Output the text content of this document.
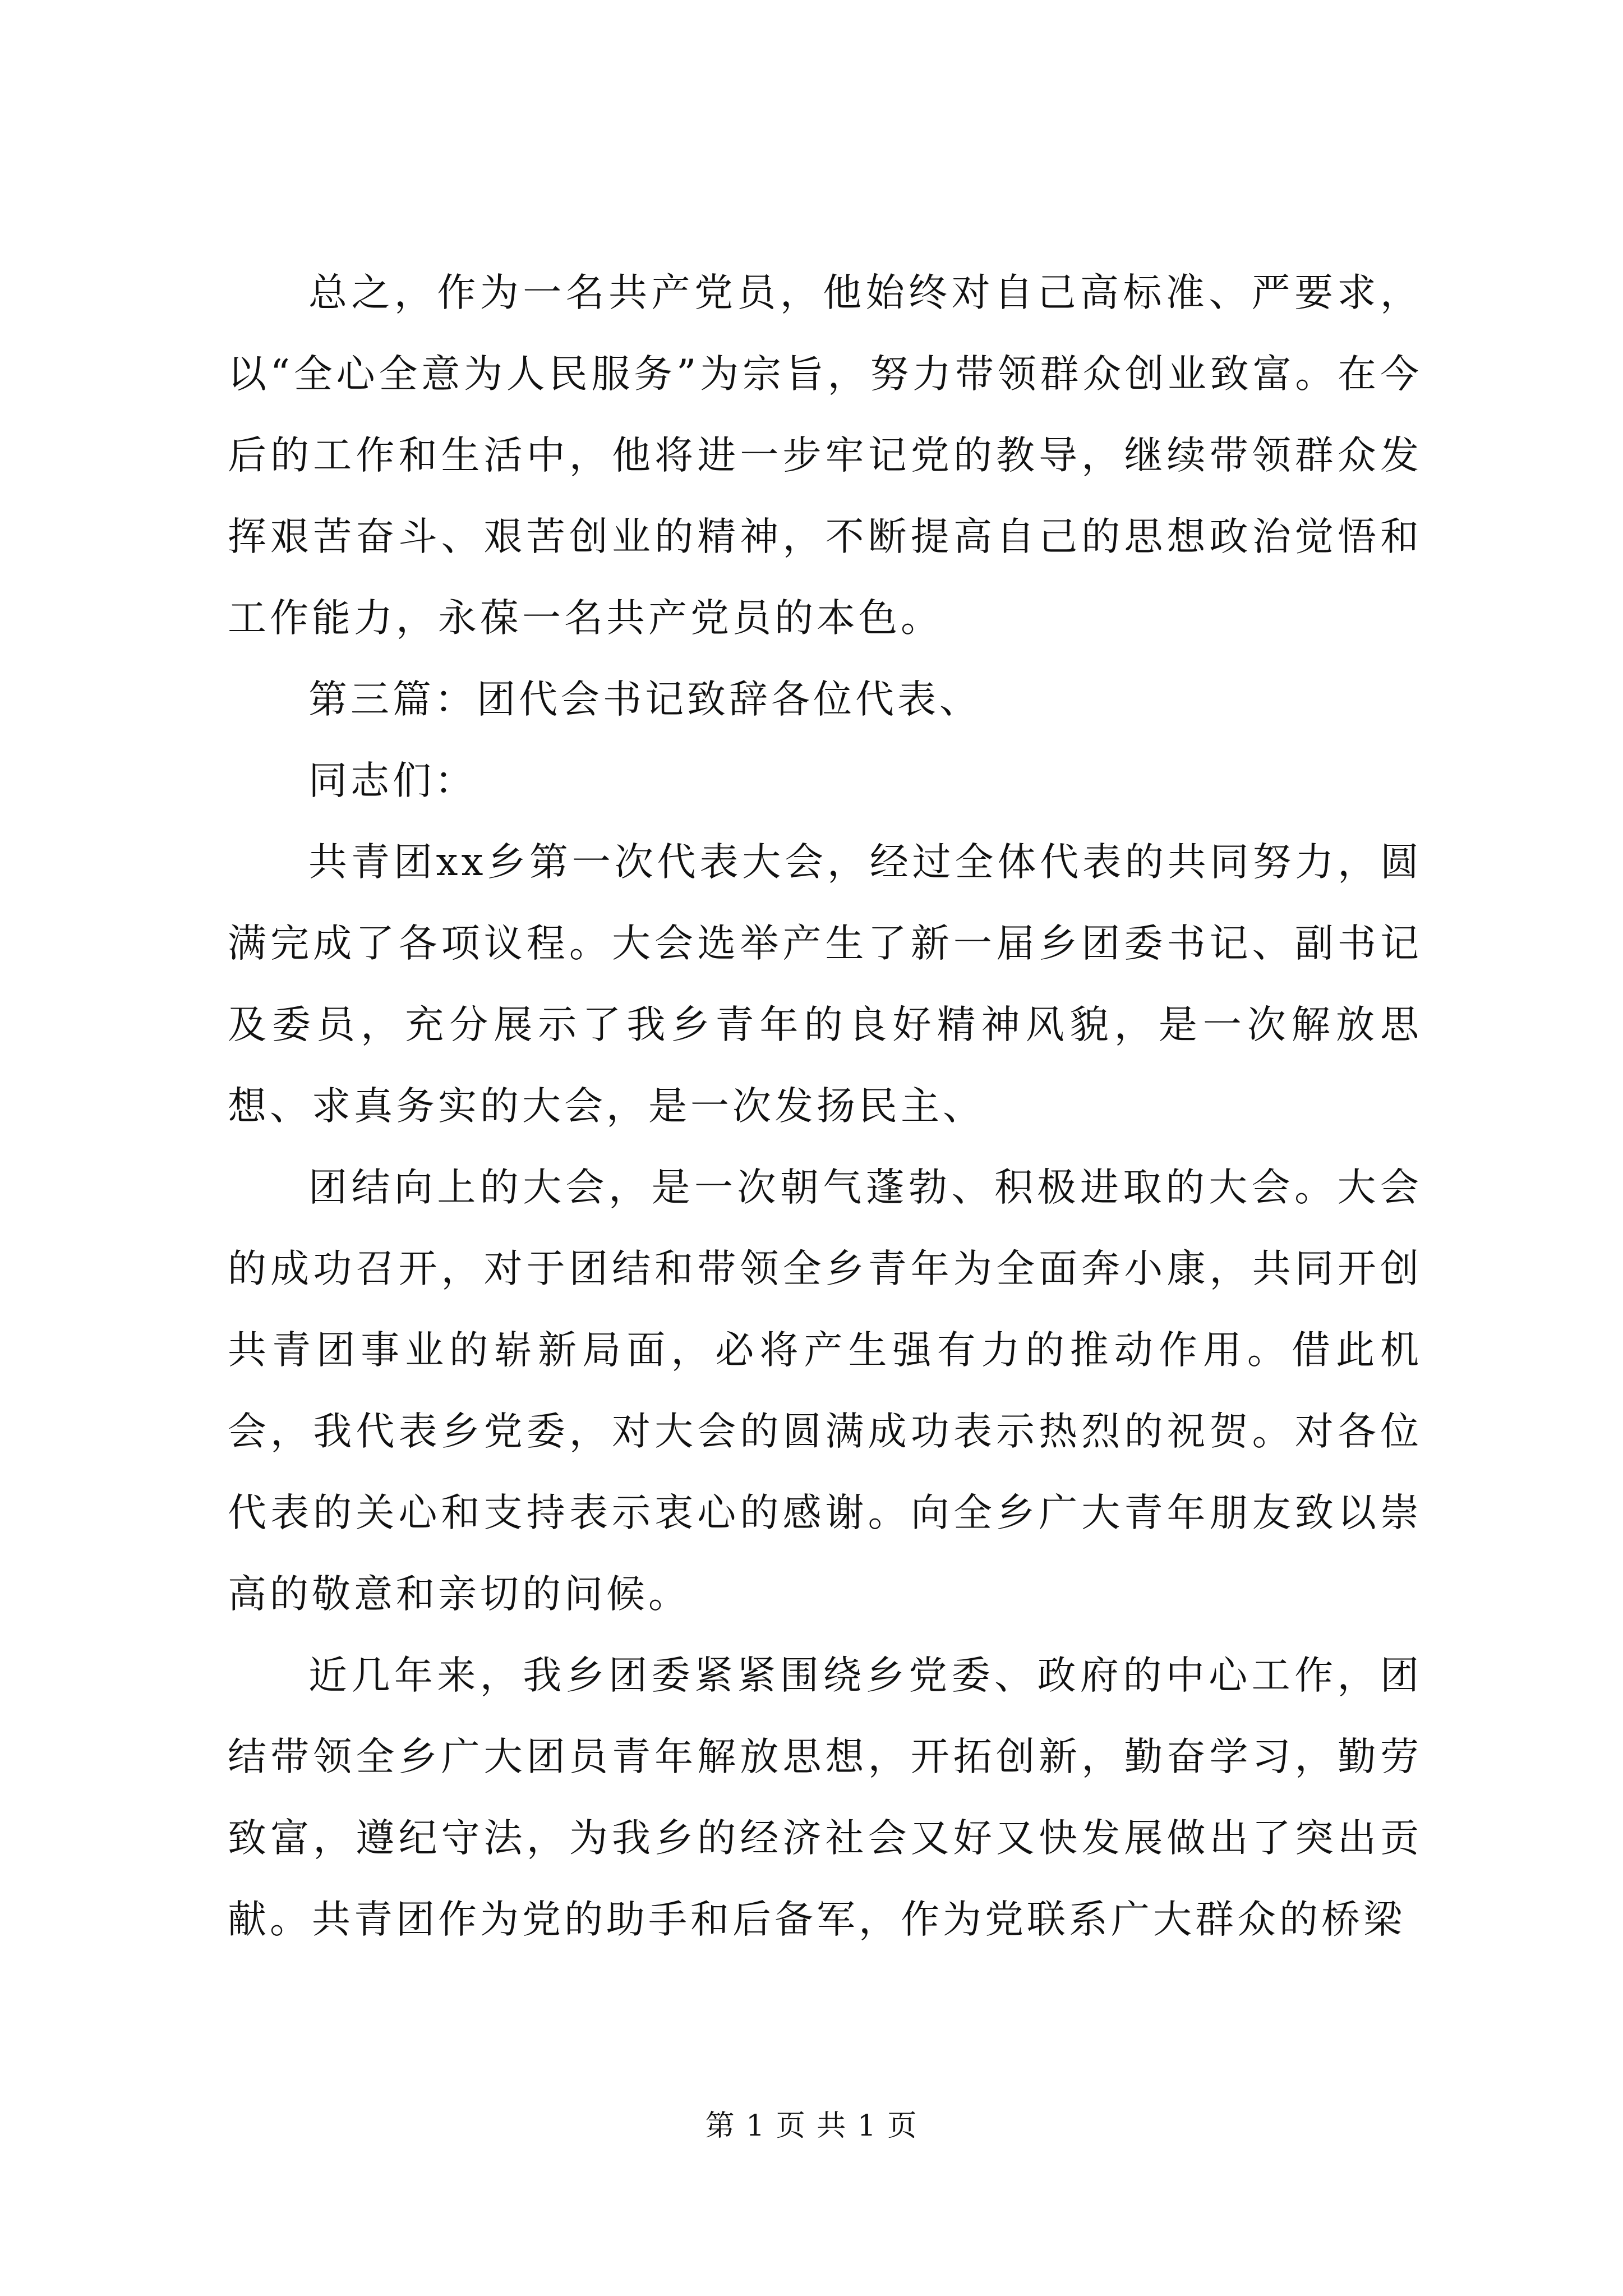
总之，作为一名共产党员，他始终对自己高标准、严要求，以“全心全意为人民服务”为宗旨，努力带领群众创业致富。在今后的工作和生活中，他将进一步牢记党的教导，继续带领群众发挥艰苦奋斗、艰苦创业的精神，不断提高自己的思想政治觉悟和工作能力，永葆一名共产党员的本色。

第三篇：团代会书记致辞各位代表、

同志们：

共青团xx乡第一次代表大会，经过全体代表的共同努力，圆满完成了各项议程。大会选举产生了新一届乡团委书记、副书记及委员，充分展示了我乡青年的良好精神风貌，是一次解放思想、求真务实的大会，是一次发扬民主、

团结向上的大会，是一次朝气蓬勃、积极进取的大会。大会的成功召开，对于团结和带领全乡青年为全面奔小康，共同开创共青团事业的崭新局面，必将产生强有力的推动作用。借此机会，我代表乡党委，对大会的圆满成功表示热烈的祝贺。对各位代表的关心和支持表示衷心的感谢。向全乡广大青年朋友致以崇高的敬意和亲切的问候。

近几年来，我乡团委紧紧围绕乡党委、政府的中心工作，团结带领全乡广大团员青年解放思想，开拓创新，勤奋学习，勤劳致富，遵纪守法，为我乡的经济社会又好又快发展做出了突出贡献。共青团作为党的助手和后备军，作为党联系广大群众的桥梁

第 1 页 共 1 页
